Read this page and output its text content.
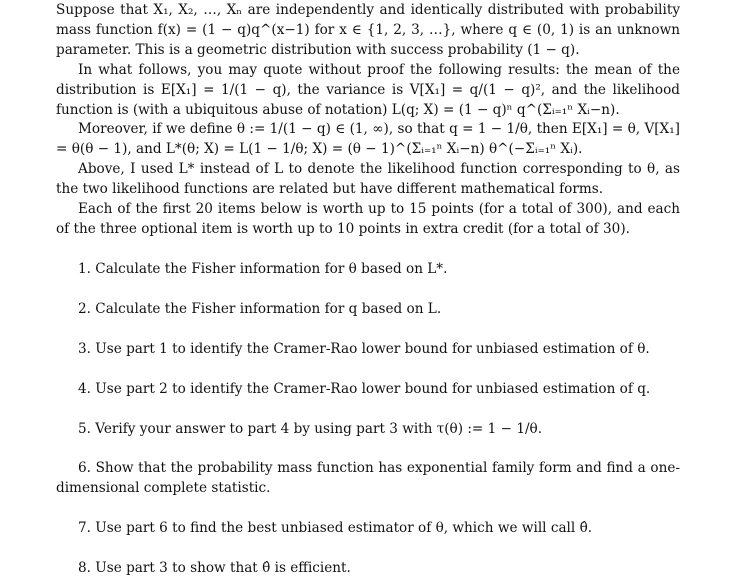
Suppose that X₁, X₂, …, Xₙ are independently and identically distributed with probability mass function f(x) = (1 − q)q^(x−1) for x ∈ {1, 2, 3, …}, where q ∈ (0, 1) is an unknown parameter. This is a geometric distribution with success probability (1 − q).

In what follows, you may quote without proof the following results: the mean of the distribution is E[X₁] = 1/(1 − q), the variance is V[X₁] = q/(1 − q)², and the likelihood function is (with a ubiquitous abuse of notation) L(q; X) = (1 − q)ⁿ q^(Σᵢ₌₁ⁿ Xᵢ−n).

Moreover, if we define θ := 1/(1 − q) ∈ (1, ∞), so that q = 1 − 1/θ, then E[X₁] = θ, V[X₁] = θ(θ − 1), and L*(θ; X) = L(1 − 1/θ; X) = (θ − 1)^(Σᵢ₌₁ⁿ Xᵢ−n) θ^(−Σᵢ₌₁ⁿ Xᵢ).

Above, I used L* instead of L to denote the likelihood function corresponding to θ, as the two likelihood functions are related but have different mathematical forms.

Each of the first 20 items below is worth up to 15 points (for a total of 300), and each of the three optional item is worth up to 10 points in extra credit (for a total of 30).

1. Calculate the Fisher information for θ based on L*.

2. Calculate the Fisher information for q based on L.

3. Use part 1 to identify the Cramer-Rao lower bound for unbiased estimation of θ.

4. Use part 2 to identify the Cramer-Rao lower bound for unbiased estimation of q.

5. Verify your answer to part 4 by using part 3 with τ(θ) := 1 − 1/θ.

6. Show that the probability mass function has exponential family form and find a one-dimensional complete statistic.

7. Use part 6 to find the best unbiased estimator of θ, which we will call θ̂.

8. Use part 3 to show that θ̂ is efficient.
